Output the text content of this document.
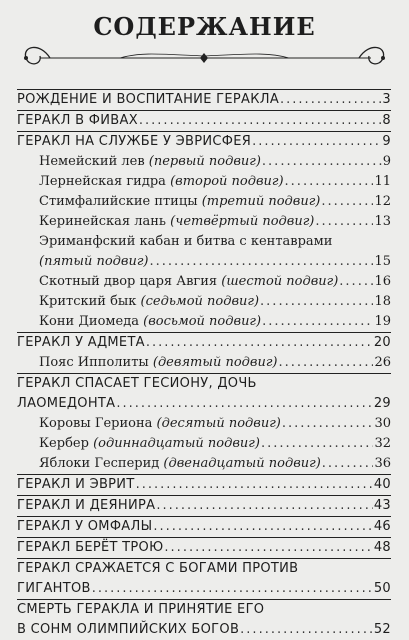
СОДЕРЖАНИЕ
РОЖДЕНИЕ И ВОСПИТАНИЕ ГЕРАКЛА .....	3
ГЕРАКЛ В ФИВАХ .....	8
ГЕРАКЛ НА СЛУЖБЕ У ЭВРИСФЕЯ .....	9
Немейский лев
(первый подвиг) .....	9
Лернейская гидра
(второй подвиг) .....	11
Стимфалийские птицы
(третий подвиг) .....	12
Керинейская лань
(четвёртый подвиг) .....	13
Эриманфский кабан и битва с кентаврами
(пятый подвиг) .....	15
Скотный двор царя Авгия
(шестой подвиг) .....	16
Критский бык
(седьмой подвиг) .....	18
Кони Диомеда
(восьмой подвиг) .....	19
ГЕРАКЛ У АДМЕТА .....	20
Пояс Ипполиты
(девятый подвиг) .....	26
ГЕРАКЛ СПАСАЕТ ГЕСИОНУ, ДОЧЬ
ЛАОМЕДОНТА .....	29
Коровы Гериона
(десятый подвиг) .....	30
Кербер
(одиннадцатый подвиг) .....	32
Яблоки Гесперид
(двенадцатый подвиг) .....	36
ГЕРАКЛ И ЭВРИТ .....	40
ГЕРАКЛ И ДЕЯНИРА .....	43
ГЕРАКЛ У ОМФАЛЫ .....	46
ГЕРАКЛ БЕРЁТ ТРОЮ .....	48
ГЕРАКЛ СРАЖАЕТСЯ С БОГАМИ ПРОТИВ
ГИГАНТОВ .....	50
СМЕРТЬ ГЕРАКЛА И ПРИНЯТИЕ ЕГО
В СОНМ ОЛИМПИЙСКИХ БОГОВ .....	52
